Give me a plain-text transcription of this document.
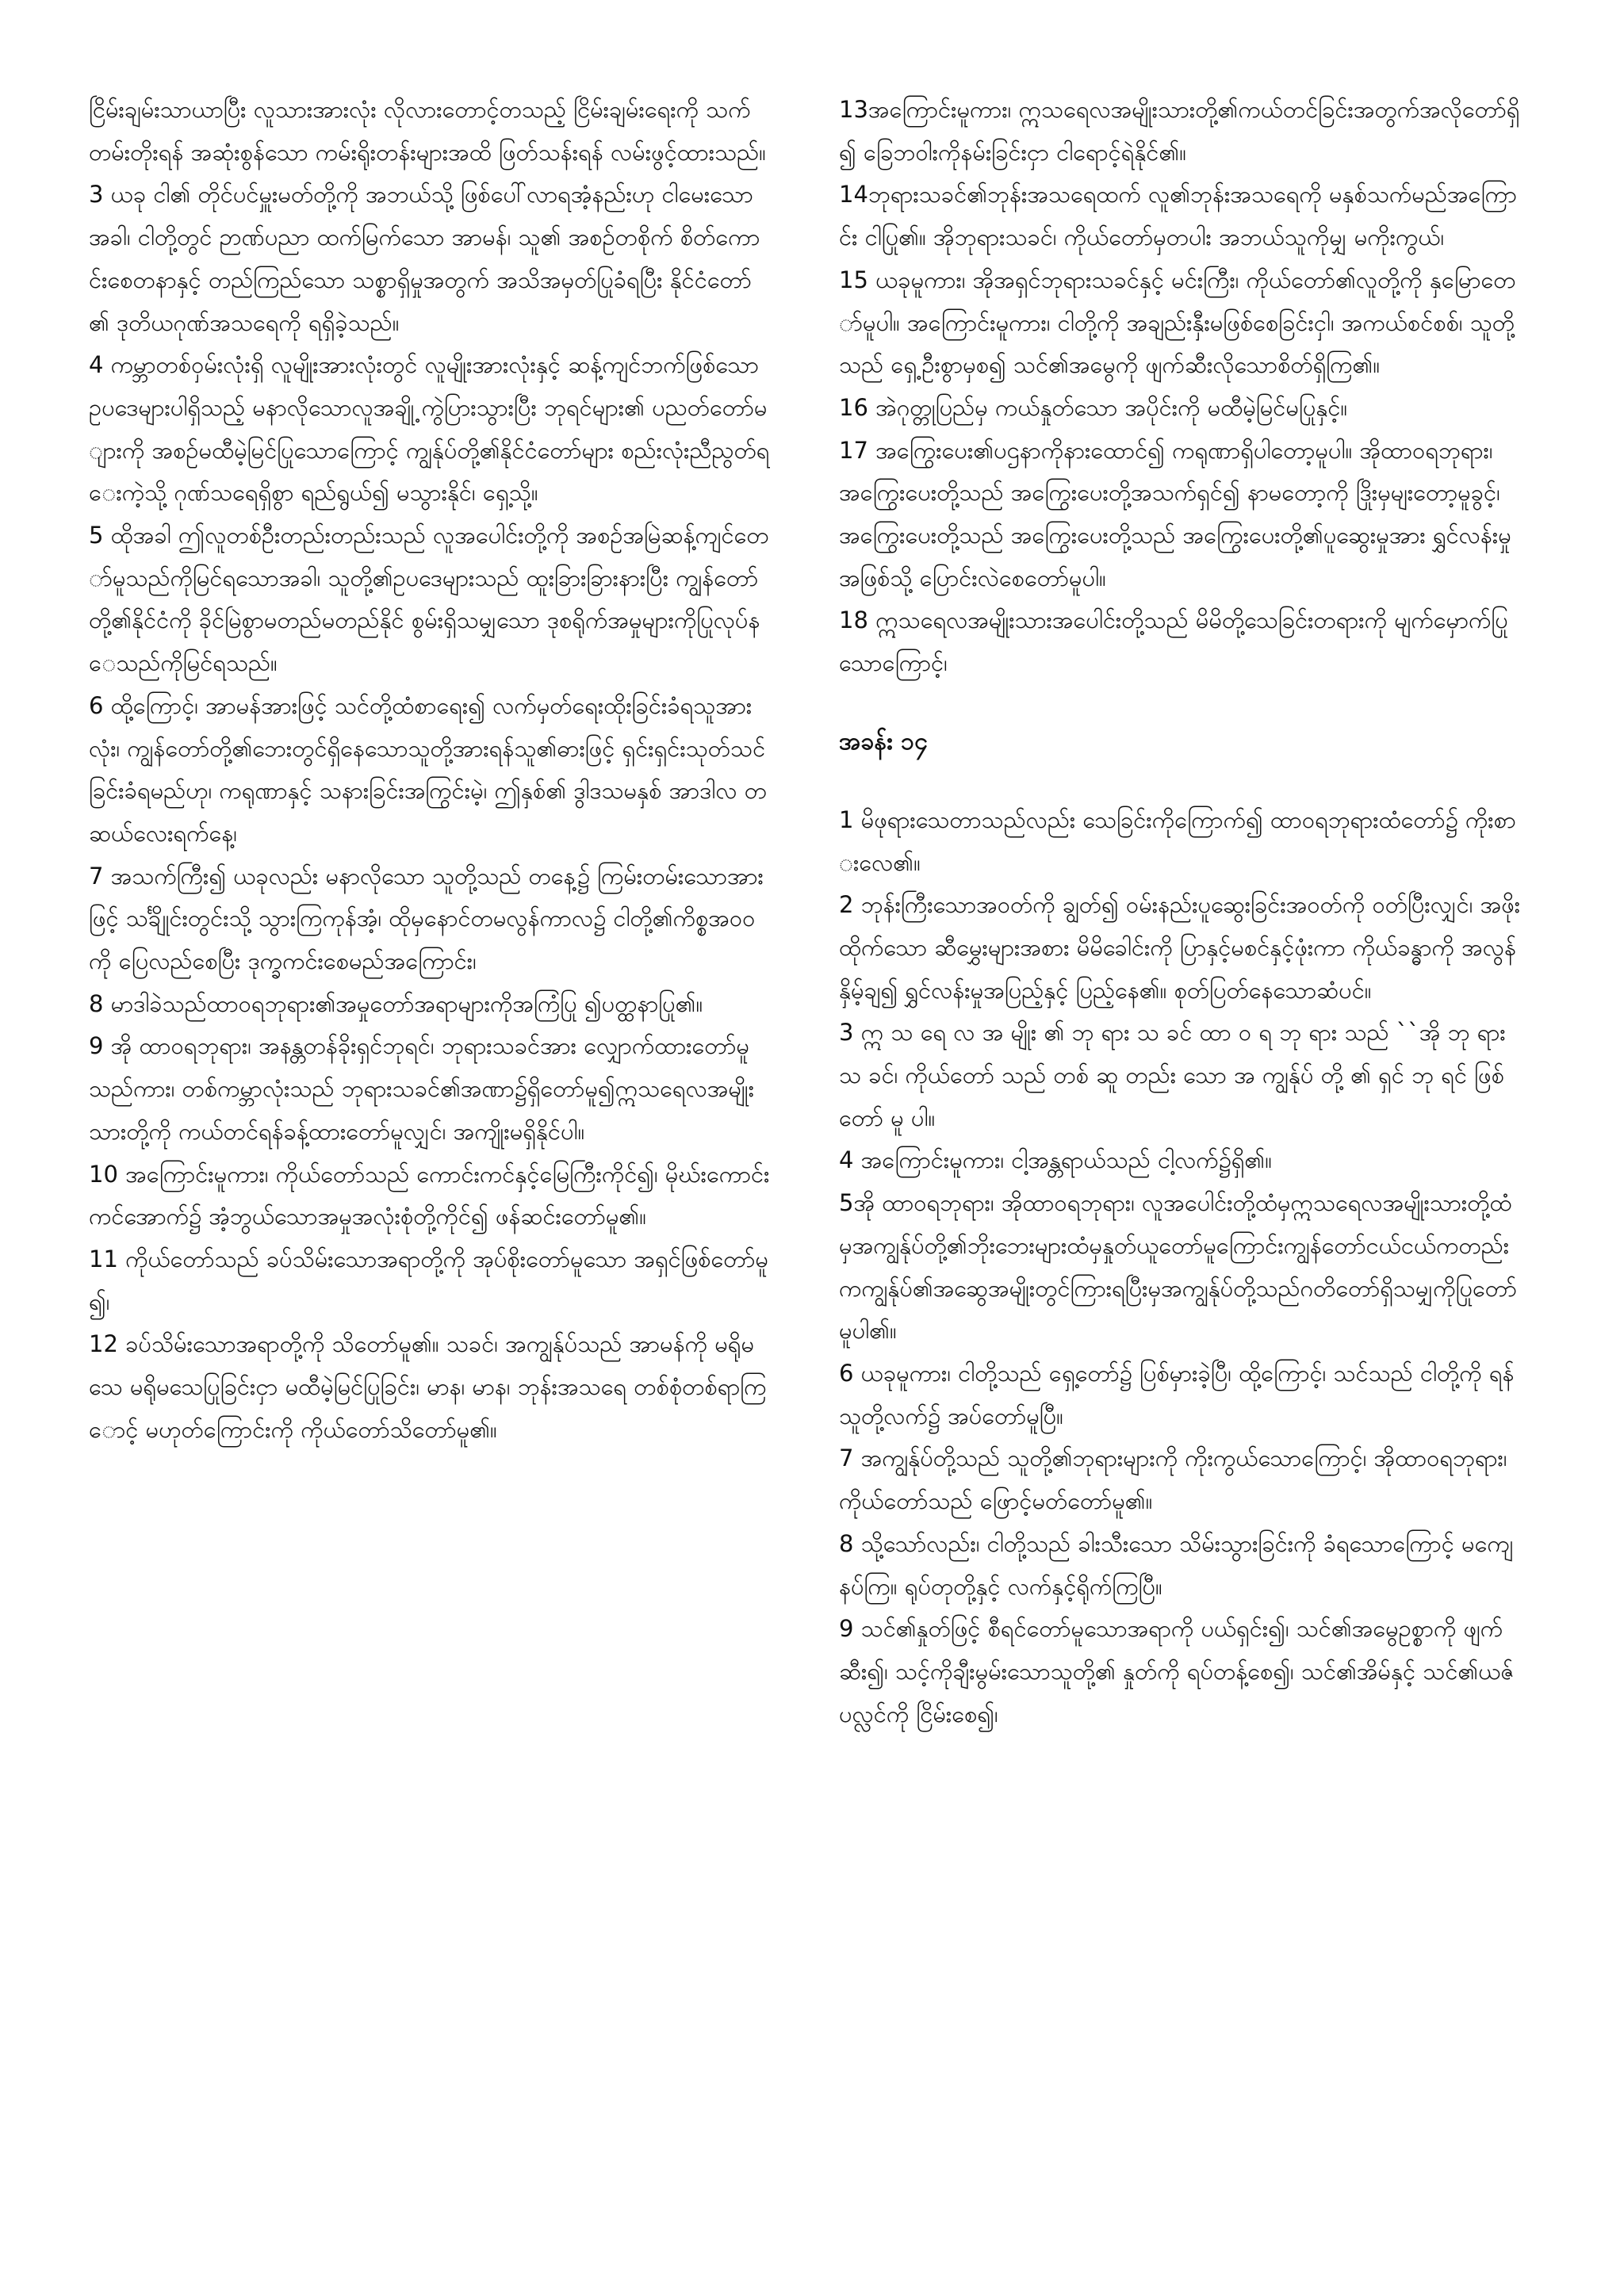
ငြိမ်းချမ်းသာယာပြီး လူသားအားလုံး လိုလားတောင့်တသည့် ငြိမ်းချမ်းရေးကို သက်တမ်းတိုးရန် အဆုံးစွန်သော ကမ်းရိုးတန်းများအထိ ဖြတ်သန်းရန် လမ်းဖွင့်ထားသည်။

3 ယခု ငါ၏ တိုင်ပင်မှူးမတ်တို့ကို အဘယ်သို့ ဖြစ်ပေါ်လာရအံ့နည်းဟု ငါမေးသောအခါ၊ ငါတို့တွင် ဉာဏ်ပညာ ထက်မြက်သော အာမန်၊ သူ၏ အစဉ်တစိုက် စိတ်ကောင်းစေတနာနှင့် တည်ကြည်သော သစ္စာရှိမှုအတွက် အသိအမှတ်ပြုခံရပြီး နိုင်ငံတော်၏ ဒုတိယဂုဏ်အသရေကို ရရှိခဲ့သည်။

4 ကမ္ဘာတစ်ဝှမ်းလုံးရှိ လူမျိုးအားလုံးတွင် လူမျိုးအားလုံးနှင့် ဆန့်ကျင်ဘက်ဖြစ်သော ဥပဒေများပါရှိသည့် မနာလိုသောလူအချို့ ကွဲပြားသွားပြီး ဘုရင်များ၏ ပညတ်တော်များကို အစဉ်မထီမဲ့မြင်ပြုသောကြောင့် ကျွန်ုပ်တို့၏နိုင်ငံတော်များ စည်းလုံးညီညွတ်ရေးကဲ့သို့ ဂုဏ်သရေရှိစွာ ရည်ရွယ်၍ မသွားနိုင်၊ ရှေ့သို့။

5 ထိုအခါ ဤလူတစ်ဦးတည်းတည်းသည် လူအပေါင်းတို့ကို အစဉ်အမြဲဆန့်ကျင်တော်မူသည်ကိုမြင်ရသောအခါ၊ သူတို့၏ဥပဒေများသည် ထူးခြားခြားနားပြီး ကျွန်တော်တို့၏နိုင်ငံကို ခိုင်မြဲစွာမတည်မတည်နိုင် စွမ်းရှိသမျှသော ဒုစရိုက်အမှုများကိုပြုလုပ်နေသည်ကိုမြင်ရသည်။

6 ထို့ကြောင့်၊ အာမန်အားဖြင့် သင်တို့ထံစာရေး၍ လက်မှတ်ရေးထိုးခြင်းခံရသူအားလုံး၊ ကျွန်တော်တို့၏ဘေးတွင်ရှိနေသောသူတို့အားရန်သူ၏ဓားဖြင့် ရှင်းရှင်းသုတ်သင်ခြင်းခံရမည်ဟု၊ ကရုဏာနှင့် သနားခြင်းအကြွင်းမဲ့၊ ဤနှစ်၏ ဒွါဒသမနှစ် အာဒါလ တဆယ်လေးရက်နေ့၊

7 အသက်ကြီး၍ ယခုလည်း မနာလိုသော သူတို့သည် တနေ့၌ ကြမ်းတမ်းသောအားဖြင့် သင်္ချိုင်းတွင်းသို့ သွားကြကုန်အံ့၊ ထိုမှနောင်တမလွန်ကာလ၌ ငါတို့၏ကိစ္စအဝဝကို ပြေလည်စေပြီး ဒုက္ခကင်းစေမည်အကြောင်း၊

8 မာဒါခဲသည်ထာဝရဘုရား၏အမှုတော်အရာများကိုအကြံပြု ၍ပတ္ထနာပြု၏။

9 အို ထာဝရဘုရား၊ အနန္တတန်ခိုးရှင်ဘုရင်၊ ဘုရားသခင်အား လျှောက်ထားတော်မူသည်ကား၊ တစ်ကမ္ဘာလုံးသည် ဘုရားသခင်၏အဏာ၌ရှိတော်မူ၍ဣသရေလအမျိုးသားတို့ကို ကယ်တင်ရန်ခန့်ထားတော်မူလျှင်၊ အကျိုးမရှိနိုင်ပါ။

10 အကြောင်းမူကား၊ ကိုယ်တော်သည် ကောင်းကင်နှင့်မြေကြီးကိုင်၍၊ မိုဃ်းကောင်းကင်အောက်၌ အံ့ဘွယ်သောအမှုအလုံးစုံတို့ကိုင်၍ ဖန်ဆင်းတော်မူ၏။

11 ကိုယ်တော်သည် ခပ်သိမ်းသောအရာတို့ကို အုပ်စိုးတော်မူသော အရှင်ဖြစ်တော်မူ၍၊

12 ခပ်သိမ်းသောအရာတို့ကို သိတော်မူ၏။ သခင်၊ အကျွန်ုပ်သည် အာမန်ကို မရိုမသေ မရိုမသေပြုခြင်းငှာ မထီမဲ့မြင်ပြုခြင်း၊ မာန၊ မာန၊ ဘုန်းအသရေ တစ်စုံတစ်ရာကြောင့် မဟုတ်ကြောင်းကို ကိုယ်တော်သိတော်မူ၏။

13အကြောင်းမူကား၊ ဣသရေလအမျိုးသားတို့၏ကယ်တင်ခြင်းအတွက်အလိုတော်ရှိ၍ ခြေဘဝါးကိုနမ်းခြင်းငှာ ငါရောင့်ရဲနိုင်၏။

14ဘုရားသခင်၏ဘုန်းအသရေထက် လူ၏ဘုန်းအသရေကို မနှစ်သက်မည်အကြောင်း ငါပြု၏။ အိုဘုရားသခင်၊ ကိုယ်တော်မှတပါး အဘယ်သူကိုမျှ မကိုးကွယ်၊

15 ယခုမူကား၊ အိုအရှင်ဘုရားသခင်နှင့် မင်းကြီး၊ ကိုယ်တော်၏လူတို့ကို နှမြောတော်မူပါ။ အကြောင်းမူကား၊ ငါတို့ကို အချည်းနှီးမဖြစ်စေခြင်းငှါ၊ အကယ်စင်စစ်၊ သူတို့သည် ရှေ့ဦးစွာမှစ၍ သင်၏အမွေကို ဖျက်ဆီးလိုသောစိတ်ရှိကြ၏။

16 အဲဂုတ္တုပြည်မှ ကယ်နှုတ်သော အပိုင်းကို မထီမဲ့မြင်မပြုနှင့်။

17 အကြွေးပေး၏ပဌနာကိုနားထောင်၍ ကရုဏာရှိပါတော့မူပါ။ အိုထာဝရဘုရား၊ အကြွေးပေးတို့သည် အကြွေးပေးတို့အသက်ရှင်၍ နာမတော့ကို ဒြိုးမှမျးတော့မူခွင့်၊ အကြွေးပေးတို့သည် အကြွေးပေးတို့သည် အကြွေးပေးတို့၏ပူဆွေးမှုအား ရွှင်လန်းမှုအဖြစ်သို့ ပြောင်းလဲစေတော်မူပါ။

18 ဣသရေလအမျိုးသားအပေါင်းတို့သည် မိမိတို့သေခြင်းတရားကို မျက်မှောက်ပြုသောကြောင့်၊

အခန်း ၁၄

1 မိဖုရားသေတာသည်လည်း သေခြင်းကိုကြောက်၍ ထာဝရဘုရားထံတော်၌ ကိုးစားလေ၏။

2 ဘုန်းကြီးသောအဝတ်ကို ချွတ်၍ ဝမ်းနည်းပူဆွေးခြင်းအဝတ်ကို ဝတ်ပြီးလျှင်၊ အဖိုးထိုက်သော ဆီမွှေးများအစား မိမိခေါင်းကို ပြာနှင့်မစင်နှင့်ဖုံးကာ ကိုယ်ခန္ဓာကို အလွန်နှိမ့်ချ၍ ရွှင်လန်းမှုအပြည့်နှင့် ပြည့်နေ၏။ စုတ်ပြတ်နေသောဆံပင်။

3 ဣ သ ရေ လ အ မျိုး ၏ ဘု ရား သ ခင် ထာ ဝ ရ ဘု ရား သည် ``အို ဘု ရား သ ခင်၊ ကိုယ်တော် သည် တစ် ဆူ တည်း သော အ ကျွန်ုပ် တို့ ၏ ရှင် ဘု ရင် ဖြစ် တော် မူ ပါ။

4 အကြောင်းမူကား၊ ငါ့အန္တရာယ်သည် ငါ့လက်၌ရှိ၏။

5အို ထာဝရဘုရား၊ အိုထာဝရဘုရား၊ လူအပေါင်းတို့ထံမှဣသရေလအမျိုးသားတို့ထံမှအကျွန်ုပ်တို့၏ဘိုးဘေးများထံမှနှုတ်ယူတော်မူကြောင်းကျွန်တော်ငယ်ငယ်ကတည်းကကျွန်ုပ်၏အဆွေအမျိုးတွင်ကြားရပြီးမှအကျွန်ုပ်တို့သည်ဂတိတော်ရှိသမျှကိုပြုတော်မူပါ၏။

6 ယခုမူကား၊ ငါတို့သည် ရှေ့တော်၌ ပြစ်မှားခဲ့ပြီ၊ ထို့ကြောင့်၊ သင်သည် ငါတို့ကို ရန်သူတို့လက်၌ အပ်တော်မူပြီ။

7 အကျွန်ုပ်တို့သည် သူတို့၏ဘုရားများကို ကိုးကွယ်သောကြောင့်၊ အိုထာဝရဘုရား၊ ကိုယ်တော်သည် ဖြောင့်မတ်တော်မူ၏။

8 သို့သော်လည်း၊ ငါတို့သည် ခါးသီးသော သိမ်းသွားခြင်းကို ခံရသောကြောင့် မကျေနပ်ကြ။ ရုပ်တုတို့နှင့် လက်နှင့်ရိုက်ကြပြီ။

9 သင်၏နှုတ်ဖြင့် စီရင်တော်မူသောအရာကို ပယ်ရှင်း၍၊ သင်၏အမွေဥစ္စာကို ဖျက်ဆီး၍၊ သင့်ကိုချီးမွမ်းသောသူတို့၏ နှုတ်ကို ရပ်တန့်စေ၍၊ သင်၏အိမ်နှင့် သင်၏ယဇ်ပလ္လင်ကို ငြိမ်းစေ၍၊
